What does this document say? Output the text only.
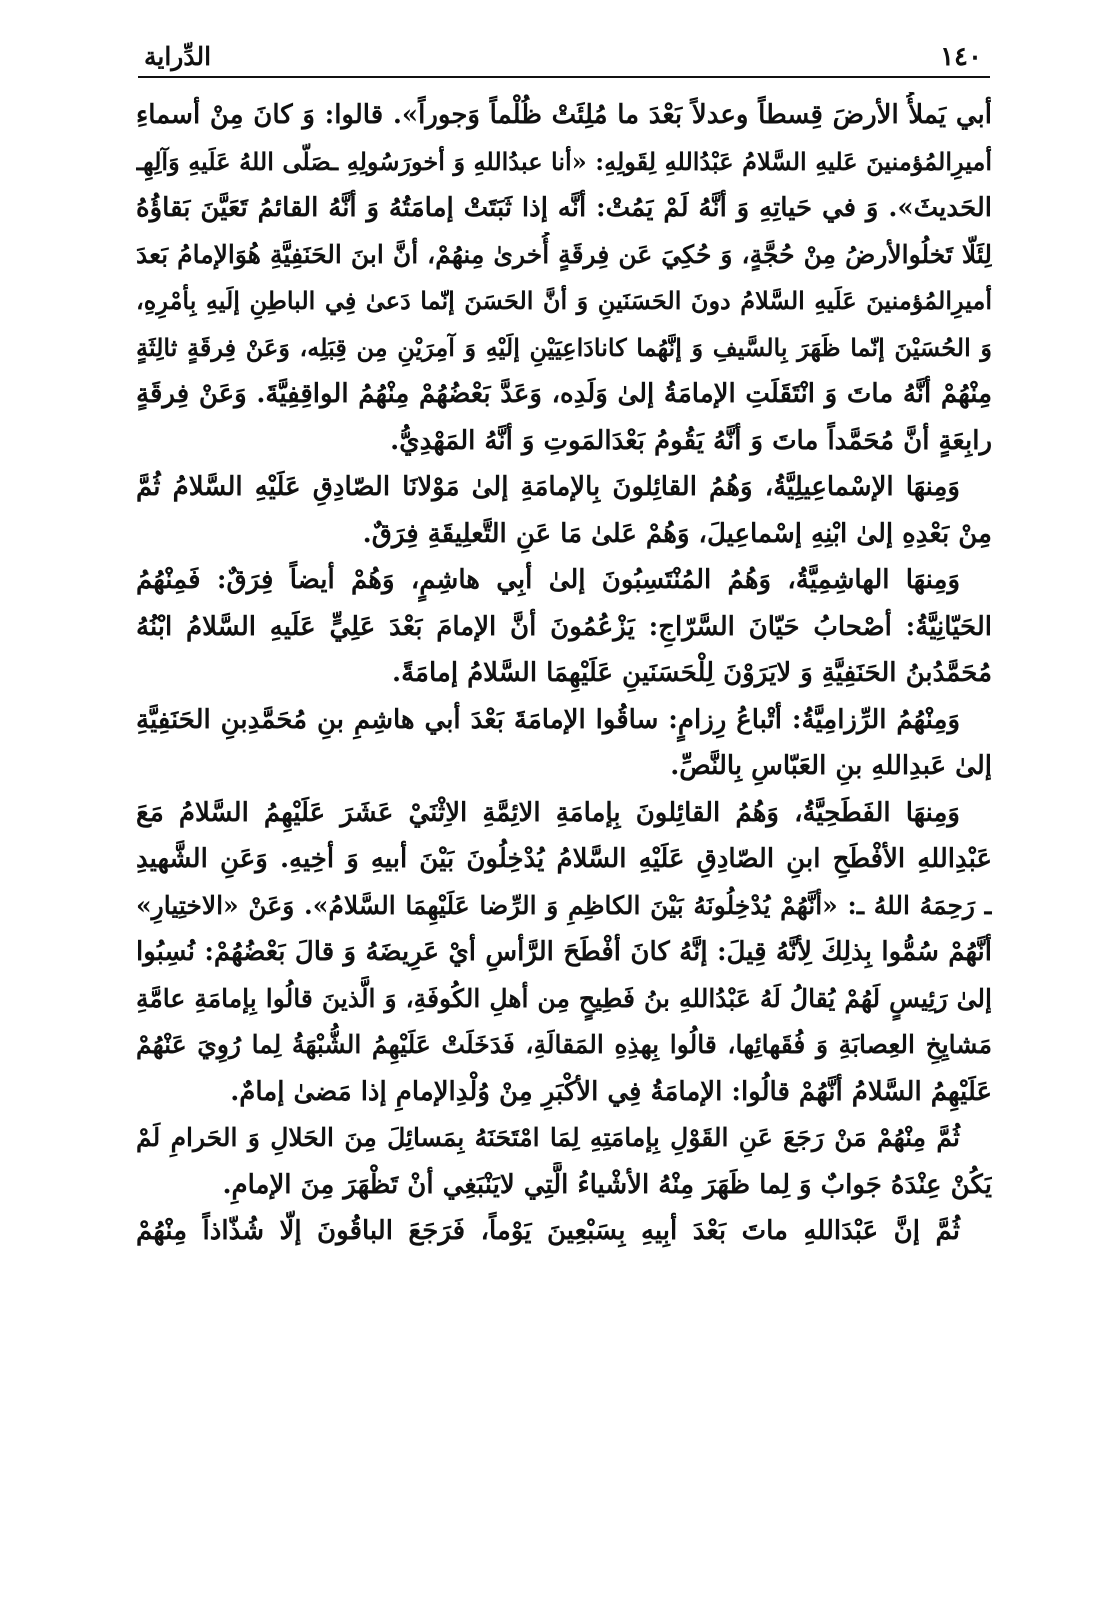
١٤٠
الدِّراية
أبي يَملأُ الأرضَ قِسطاً وعدلاً بَعْدَ ما مُلِئَتْ ظُلْماً وَجوراً». قالوا: وَ كانَ مِنْ أسماءِ
أميرِالمُؤمنينَ عَليهِ السَّلامُ عَبْدُاللهِ لِقَولِهِ: «أنا عبدُاللهِ وَ أخورَسُولِهِ ـصَلّى اللهُ عَلَيهِ وَآلِهِـ
الحَديثَ». وَ في حَياتِهِ وَ أنَّهُ لَمْ يَمُتْ: أنَّه إذا ثَبَتَتْ إمامَتُهُ وَ أنَّهُ القائمُ تَعَيَّنَ بَقاؤُهُ
لِئَلّا تَخلُوالأرضُ مِنْ حُجَّةٍ، وَ حُكِيَ عَن فِرقَةٍ أُخرىٰ مِنهُمْ، أنَّ ابنَ الحَنَفِيَّةِ هُوَالإمامُ بَعدَ
أميرِالمُؤمنينَ عَلَيهِ السَّلامُ دونَ الحَسَنَينِ وَ أنَّ الحَسَنَ إنّما دَعىٰ فِي الباطِنِ إلَيهِ بِأمْرِهِ،
وَ الحُسَيْنَ إنّما ظَهَرَ بِالسَّيفِ وَ إنَّهُما كانادَاعِيَيْنِ إلَيْهِ وَ آمِرَيْنِ مِن قِبَلِه، وَعَنْ فِرقَةٍ ثالِثَةٍ
مِنْهُمْ أنَّهُ ماتَ وَ انْتَقَلَتِ الإمامَةُ إلىٰ وَلَدِه، وَعَدَّ بَعْضُهُمْ مِنْهُمُ الواقِفِيَّةَ. وَعَنْ فِرقَةٍ
رابِعَةٍ أنَّ مُحَمَّداً ماتَ وَ أنَّهُ يَقُومُ بَعْدَالمَوتِ وَ أنَّهُ المَهْدِيُّ.
وَمِنهَا الإسْماعِيلِيَّةُ، وَهُمُ القائِلونَ بِالإمامَةِ إلىٰ مَوْلانَا الصّادِقِ عَلَيْهِ السَّلامُ ثُمَّ
مِنْ بَعْدِهِ إلىٰ ابْنِهِ إسْماعِيلَ، وَهُمْ عَلىٰ مَا عَنِ التَّعلِيقَةِ فِرَقٌ.
وَمِنهَا الهاشِمِيَّةُ، وَهُمُ المُنْتَسِبُونَ إلىٰ أبِي هاشِمٍ، وَهُمْ أيضاً فِرَقٌ: فَمِنْهُمُ
الحَيّانِيَّةُ: أصْحابُ حَيّانَ السَّرّاجِ: يَزْعُمُونَ أنَّ الإمامَ بَعْدَ عَلِيٍّ عَلَيهِ السَّلامُ ابْنُهُ
مُحَمَّدُبنُ الحَنَفِيَّةِ وَ لايَرَوْنَ لِلْحَسَنَينِ عَلَيْهِمَا السَّلامُ إمامَةً.
وَمِنْهُمُ الرِّزامِيَّةُ: أتْباعُ رِزامٍ: ساقُوا الإمامَةَ بَعْدَ أبي هاشِمِ بنِ مُحَمَّدِبنِ الحَنَفِيَّةِ
إلىٰ عَبدِاللهِ بنِ العَبّاسِ بِالنَّصِّ.
وَمِنهَا الفَطَحِيَّةُ، وَهُمُ القائِلونَ بِإمامَةِ الائِمَّةِ الاِثْنَيْ عَشَرَ عَلَيْهِمُ السَّلامُ مَعَ
عَبْدِاللهِ الأفْطَحِ ابنِ الصّادِقِ عَلَيْهِ السَّلامُ يُدْخِلُونَ بَيْنَ أبيهِ وَ أخِيهِ. وَعَنِ الشَّهيدِ
ـ رَحِمَهُ اللهُ ـ: «أنَّهُمْ يُدْخِلُونَهُ بَيْنَ الكاظِمِ وَ الرِّضا عَلَيْهِمَا السَّلامُ». وَعَنْ «الاختِيارِ»
أنَّهُمْ سُمُّوا بِذلِكَ لِأنَّهُ قِيلَ: إنَّهُ كانَ أفْطَحَ الرَّأسِ أيْ عَرِيضَهُ وَ قالَ بَعْضُهُمْ: نُسِبُوا
إلىٰ رَئِيسٍ لَهُمْ يُقالُ لَهُ عَبْدُاللهِ بنُ فَطِيحٍ مِن أهلِ الكُوفَةِ، وَ الَّذينَ قالُوا بِإمامَةِ عامَّةِ
مَشايِخِ العِصابَةِ وَ فُقَهائِها، قالُوا بِهذِهِ المَقالَةِ، فَدَخَلَتْ عَلَيْهِمُ الشُّبْهَةُ لِما رُوِيَ عَنْهُمْ
عَلَيْهِمُ السَّلامُ أنَّهُمْ قالُوا: الإمامَةُ فِي الأكْبَرِ مِنْ وُلْدِالإمامِ إذا مَضىٰ إمامٌ.
ثُمَّ مِنْهُمْ مَنْ رَجَعَ عَنِ القَوْلِ بِإمامَتِهِ لِمَا امْتَحَنَهُ بِمَسائِلَ مِنَ الحَلالِ وَ الحَرامِ لَمْ
يَكُنْ عِنْدَهُ جَوابٌ وَ لِما ظَهَرَ مِنْهُ الأشْياءُ الَّتِي لايَنْبَغِي أنْ تَظْهَرَ مِنَ الإمامِ.
ثُمَّ إنَّ عَبْدَاللهِ ماتَ بَعْدَ أبِيهِ بِسَبْعِينَ يَوْماً، فَرَجَعَ الباقُونَ إلّا شُذّاذاً مِنْهُمْ
